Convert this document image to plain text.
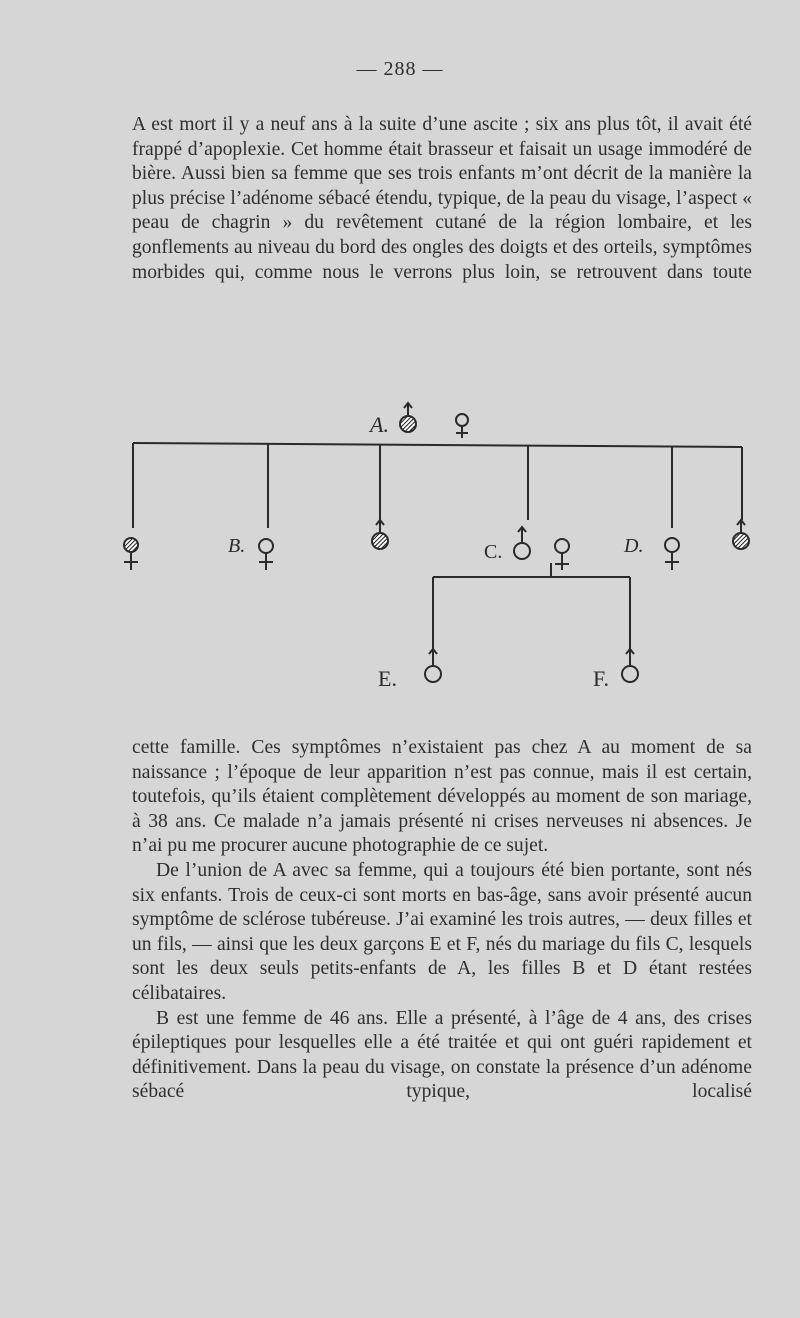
— 288 —

A est mort il y a neuf ans à la suite d’une ascite ; six ans plus tôt, il avait été frappé d’apoplexie. Cet homme était brasseur et faisait un usage immodéré de bière. Aussi bien sa femme que ses trois enfants m’ont décrit de la manière la plus précise l’adénome sébacé étendu, typique, de la peau du visage, l’aspect « peau de chagrin » du revêtement cutané de la région lombaire, et les gonflements au niveau du bord des ongles des doigts et des orteils, symptômes morbides qui, comme nous le verrons plus loin, se retrouvent dans toute

A.
B.	C.	D.
E.	F.

cette famille. Ces symptômes n’existaient pas chez A au moment de sa naissance ; l’époque de leur apparition n’est pas connue, mais il est certain, toutefois, qu’ils étaient complètement développés au moment de son mariage, à 38 ans. Ce malade n’a jamais présenté ni crises nerveuses ni absences. Je n’ai pu me procurer aucune photographie de ce sujet.

De l’union de A avec sa femme, qui a toujours été bien portante, sont nés six enfants. Trois de ceux-ci sont morts en bas-âge, sans avoir présenté aucun symptôme de sclérose tubéreuse. J’ai examiné les trois autres, — deux filles et un fils, — ainsi que les deux garçons E et F, nés du mariage du fils C, lesquels sont les deux seuls petits-enfants de A, les filles B et D étant restées célibataires.

B est une femme de 46 ans. Elle a présenté, à l’âge de 4 ans, des crises épileptiques pour lesquelles elle a été traitée et qui ont guéri rapidement et définitivement. Dans la peau du visage, on constate la présence d’un adénome sébacé typique, localisé
